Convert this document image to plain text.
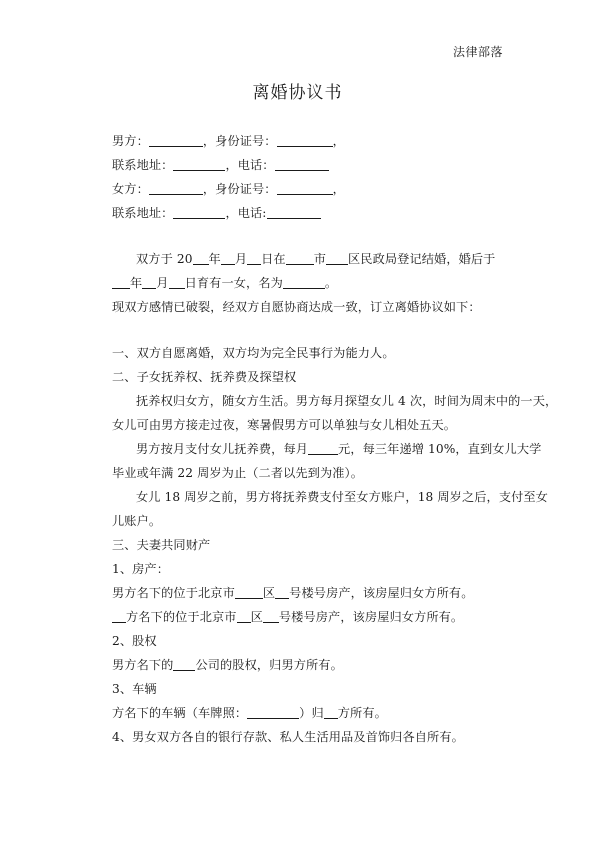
法律部落
离婚协议书
男方：	，身份证号：	，
联系地址：	，电话：
女方：	，身份证号：	，
联系地址：	，电话:
双方于 20 年 月 日在 市 区民政局登记结婚，婚后于
年 月 日育有一女，名为	。
现双方感情已破裂，经双方自愿协商达成一致，订立离婚协议如下：
一、双方自愿离婚，双方均为完全民事行为能力人。
二、子女抚养权、抚养费及探望权
抚养权归女方，随女方生活。男方每月探望女儿 4 次，时间为周末中的一天，
女儿可由男方接走过夜，寒暑假男方可以单独与女儿相处五天。
男方按月支付女儿抚养费，每月 元，每三年递增 10%，直到女儿大学
毕业或年满 22 周岁为止（二者以先到为准）。
女儿 18 周岁之前，男方将抚养费支付至女方账户，18 周岁之后，支付至女
儿账户。
三、夫妻共同财产
1、房产：
男方名下的位于北京市 区 号楼号房产，该房屋归女方所有。
方名下的位于北京市 区 号楼号房产，该房屋归女方所有。
2、股权
男方名下的 公司的股权，归男方所有。
3、车辆
方名下的车辆（车牌照：	）归 方所有。
4、男女双方各自的银行存款、私人生活用品及首饰归各自所有。
